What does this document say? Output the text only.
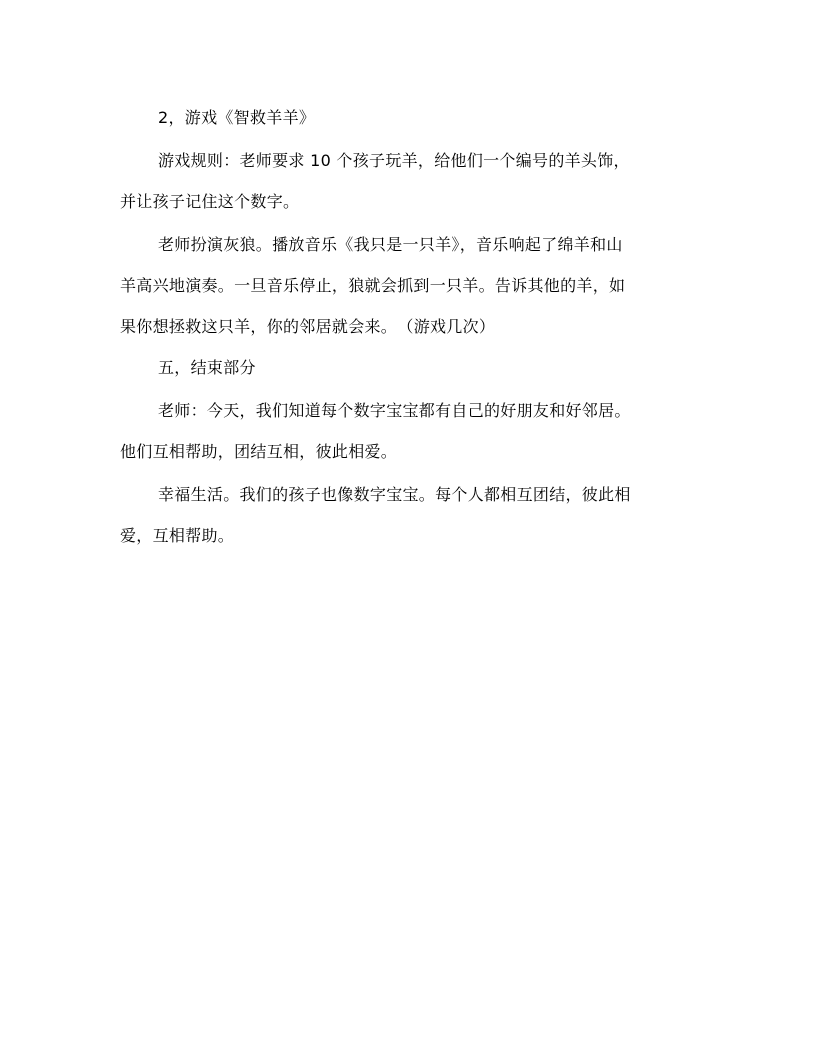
2，游戏《智救羊羊》
游戏规则：老师要求 10 个孩子玩羊，给他们一个编号的羊头饰，
并让孩子记住这个数字。
老师扮演灰狼。播放音乐《我只是一只羊》，音乐响起了绵羊和山
羊高兴地演奏。一旦音乐停止，狼就会抓到一只羊。告诉其他的羊，如
果你想拯救这只羊，你的邻居就会来。　（游戏几次）
五，结束部分
老师：今天，我们知道每个数字宝宝都有自己的好朋友和好邻居。
他们互相帮助，团结互相，彼此相爱。
幸福生活。我们的孩子也像数字宝宝。每个人都相互团结，彼此相
爱，互相帮助。
